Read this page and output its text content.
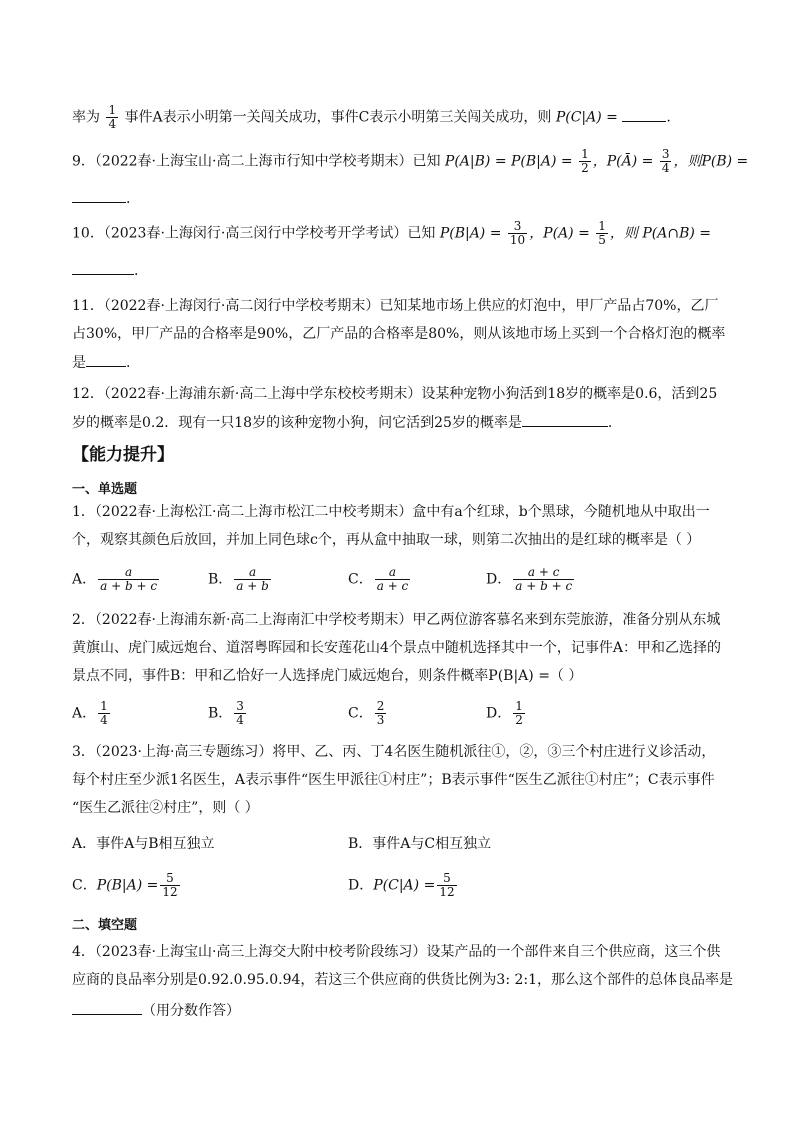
率为 $\frac{1}{4}$ 事件A表示小明第一关闯关成功，事件C表示小明第三关闯关成功，则 P(C|A) =	.
9．（2022春·上海宝山·高二上海市行知中学校考期末）已知 $P(A|B) = P(B|A) = \frac{1}{2}$ ，P(Ā) = $\frac{3}{4}$ ，则P(B) =
.
10．（2023春·上海闵行·高三闵行中学校考开学考试）已知 $P(B|A) = \frac{3}{10}$ ，$P(A) = \frac{1}{5}$ ，则 P(A∩B) =
.
11．（2022春·上海闵行·高二闵行中学校考期末）已知某地市场上供应的灯泡中，甲厂产品占70%，乙厂
占30%，甲厂产品的合格率是90%，乙厂产品的合格率是80%，则从该地市场上买到一个合格灯泡的概率
是	.
12．（2022春·上海浦东新·高二上海中学东校校考期末）设某种宠物小狗活到18岁的概率是0.6，活到25
岁的概率是0.2．现有一只18岁的该种宠物小狗，问它活到25岁的概率是	.
【能力提升】
一、单选题
1．（2022春·上海松江·高二上海市松江二中校考期末）盒中有a个红球，b个黑球，今随机地从中取出一
个，观察其颜色后放回，并加上同色球c个，再从盒中抽取一球，则第二次抽出的是红球的概率是（ ）
A． $\frac{a}{a + b + c}$	B． $\frac{a}{a + b}$	C． $\frac{a}{a + c}$	D． $\frac{a + c}{a + b + c}$
2．（2022春·上海浦东新·高二上海南汇中学校考期末）甲乙两位游客慕名来到东莞旅游，准备分别从东城
黄旗山、虎门威远炮台、道滘粤晖园和长安莲花山4个景点中随机选择其中一个，记事件A：甲和乙选择的
景点不同，事件B：甲和乙恰好一人选择虎门威远炮台，则条件概率P(B|A) =（ ）
A． $\frac{1}{4}$	B． $\frac{3}{4}$	C． $\frac{2}{3}$	D． $\frac{1}{2}$
3．（2023·上海·高三专题练习）将甲、乙、丙、丁4名医生随机派往①，②，③三个村庄进行义诊活动，
每个村庄至少派1名医生，A表示事件“医生甲派往①村庄”；B表示事件“医生乙派往①村庄”；C表示事件
“医生乙派往②村庄”，则（ ）
A．事件A与B相互独立	B．事件A与C相互独立
C．$P(B|A) = \frac{5}{12}$	D．$P(C|A) = \frac{5}{12}$
二、填空题
4．（2023春·上海宝山·高三上海交大附中校考阶段练习）设某产品的一个部件来自三个供应商，这三个供
应商的良品率分别是0.92.0.95.0.94，若这三个供应商的供货比例为3: 2:1，那么这个部件的总体良品率是
（用分数作答）
